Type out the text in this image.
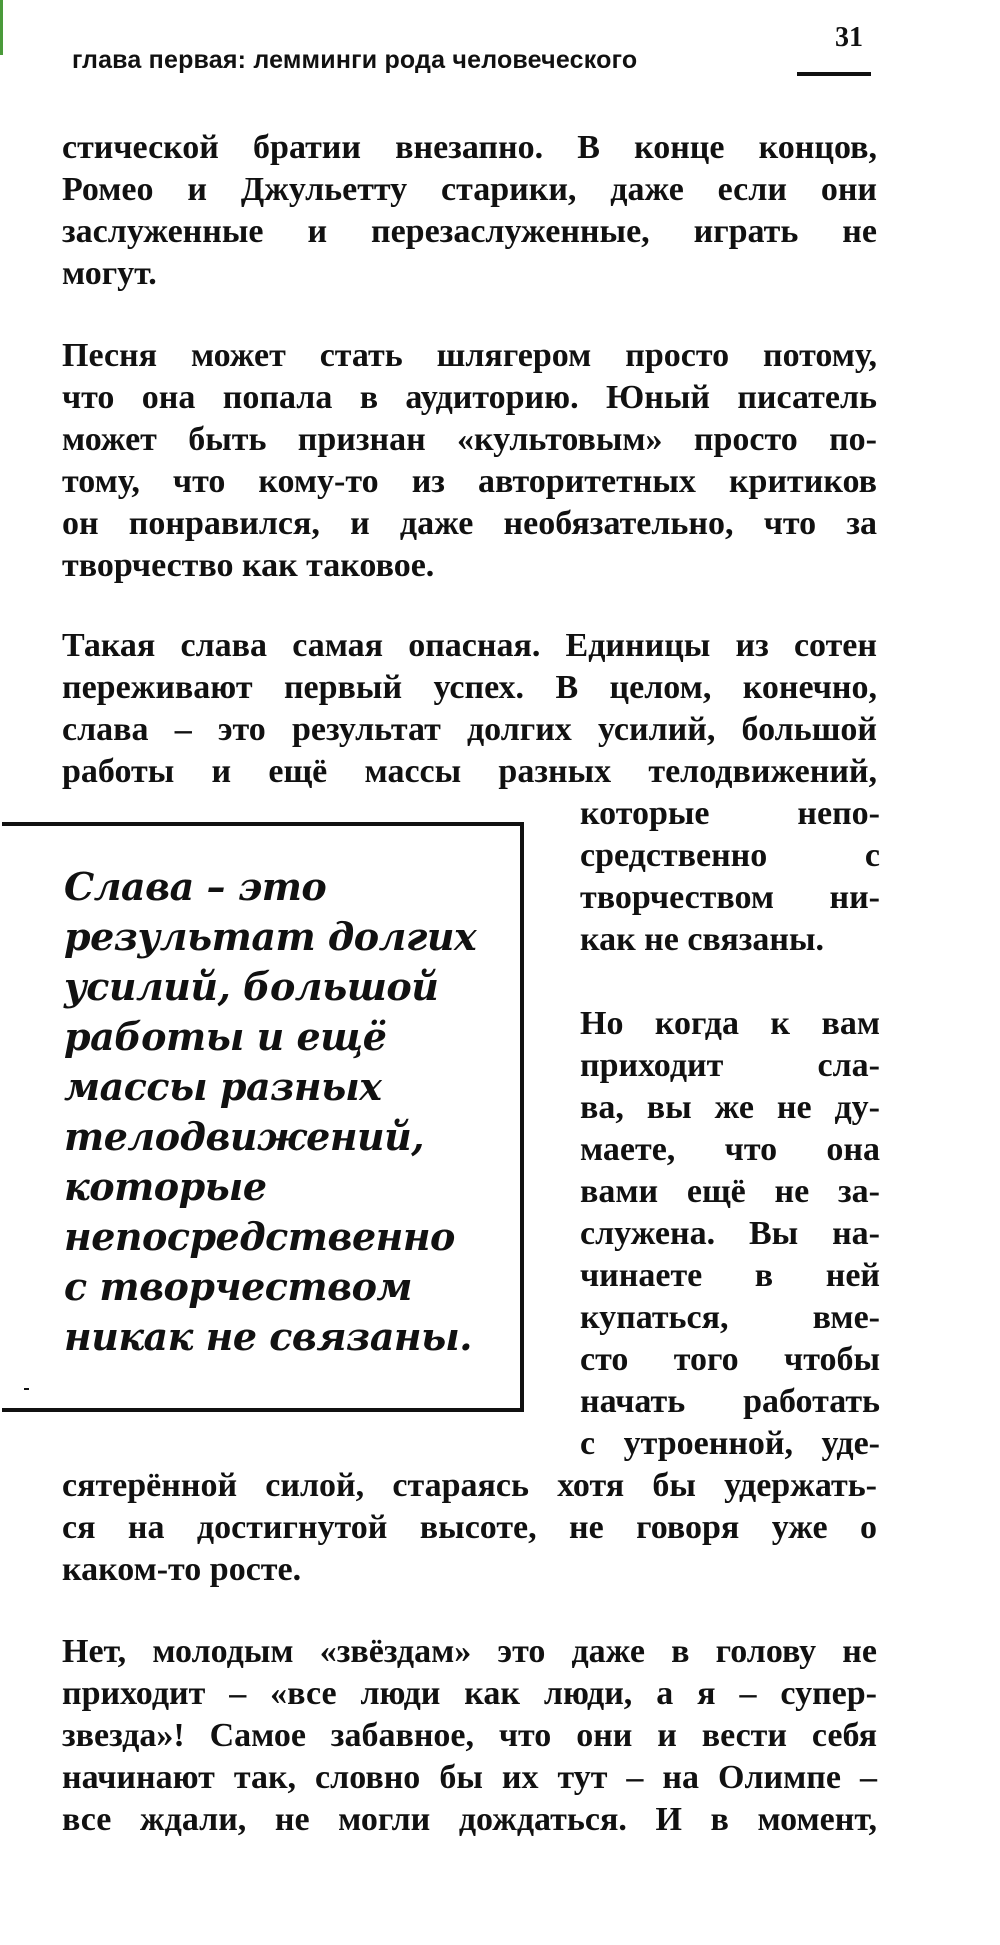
глава первая: лемминги рода человеческого
31
стической братии внезапно. В конце концов,
Ромео и Джульетту старики, даже если они
заслуженные и перезаслуженные, играть не
могут.
Песня может стать шлягером просто потому,
что она попала в аудиторию. Юный писатель
может быть признан «культовым» просто по-
тому, что кому-то из авторитетных критиков
он понравился, и даже необязательно, что за
творчество как таковое.
Такая слава самая опасная. Единицы из сотен
переживают первый успех. В целом, конечно,
слава – это результат долгих усилий, большой
работы и ещё массы разных телодвижений,
которые непо-
средственно с
творчеством ни-
как не связаны.
Но когда к вам
приходит сла-
ва, вы же не ду-
маете, что она
вами ещё не за-
служена. Вы на-
чинаете в ней
купаться, вме-
сто того чтобы
начать работать
с утроенной, уде-
сятерённой силой, стараясь хотя бы удержать-
ся на достигнутой высоте, не говоря уже о
каком-то росте.
Нет, молодым «звёздам» это даже в голову не
приходит – «все люди как люди, а я – супер-
звезда»! Самое забавное, что они и вести себя
начинают так, словно бы их тут – на Олимпе –
все ждали, не могли дождаться. И в момент,
Слава – это
результат долгих
усилий, большой
работы и ещё
массы разных
телодвижений,
которые
непосредственно
с творчеством
никак не связаны.
